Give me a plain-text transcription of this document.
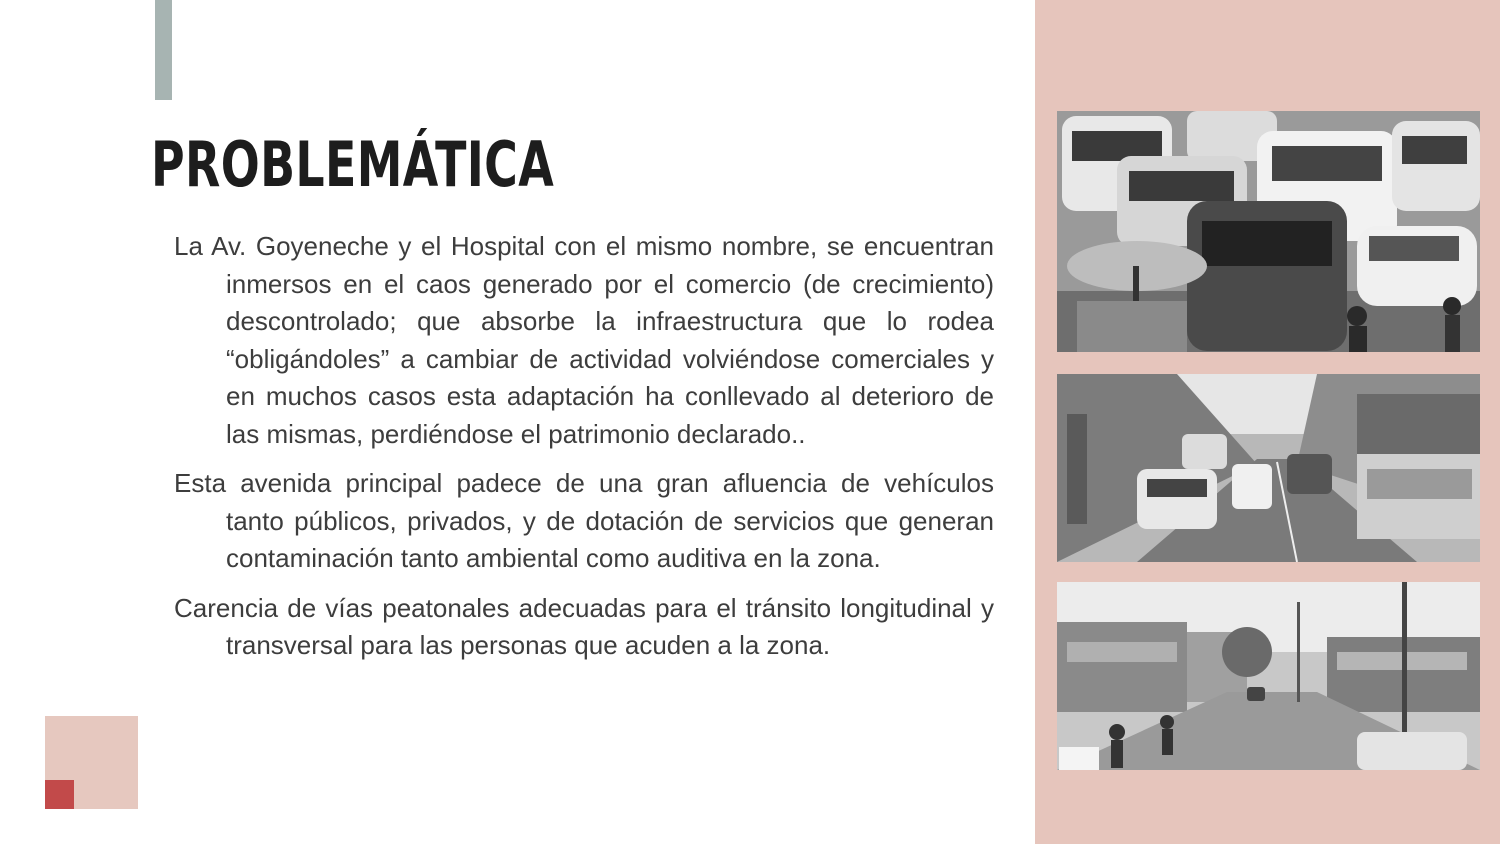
PROBLEMÁTICA

La Av. Goyeneche y el Hospital con el mismo nombre, se encuentran inmersos en el caos generado por el comercio (de crecimiento) descontrolado; que absorbe la infraestructura que lo rodea “obligándoles” a cambiar de actividad volviéndose comerciales y en muchos casos esta adaptación ha conllevado al deterioro de las mismas, perdiéndose el patrimonio declarado..

Esta avenida principal padece de una gran afluencia de vehículos tanto públicos, privados, y de dotación de servicios que generan contaminación tanto ambiental como auditiva en la zona.

Carencia de vías peatonales adecuadas para el tránsito longitudinal y transversal para las personas que acuden a la zona.
